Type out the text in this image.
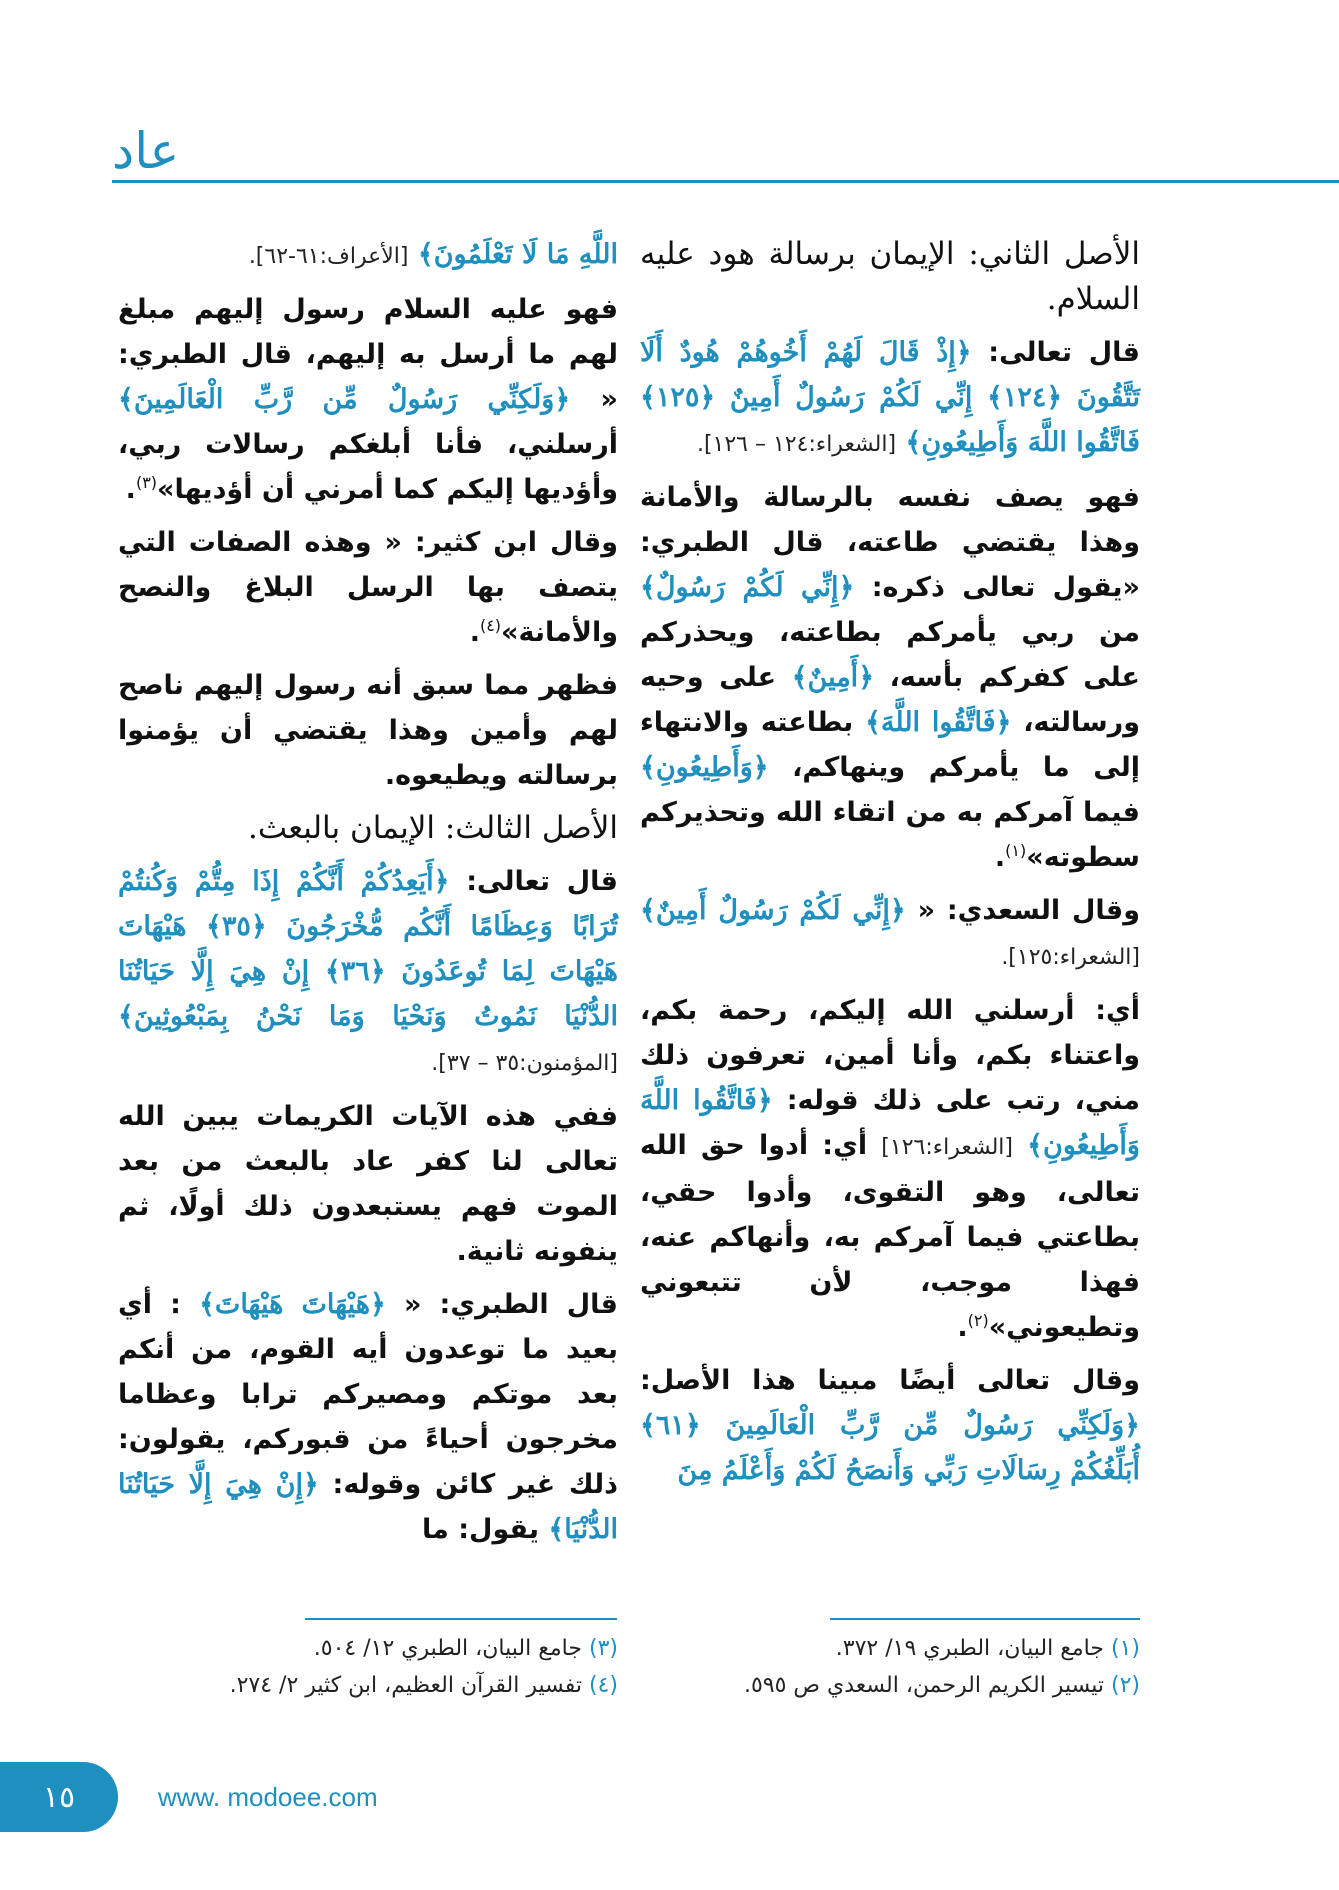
عاد

الأصل الثاني: الإيمان برسالة هود عليه السلام.

قال تعالى: ﴿إِذْ قَالَ لَهُمْ أَخُوهُمْ هُودٌ أَلَا تَتَّقُونَ ﴿١٢٤﴾ إِنِّي لَكُمْ رَسُولٌ أَمِينٌ ﴿١٢٥﴾ فَاتَّقُوا اللَّهَ وَأَطِيعُونِ﴾ [الشعراء:١٢٤ – ١٢٦].

فهو يصف نفسه بالرسالة والأمانة وهذا يقتضي طاعته، قال الطبري: «يقول تعالى ذكره: ﴿إِنِّي لَكُمْ رَسُولٌ﴾ من ربي يأمركم بطاعته، ويحذركم على كفركم بأسه، ﴿أَمِينٌ﴾ على وحيه ورسالته، ﴿فَاتَّقُوا اللَّهَ﴾ بطاعته والانتهاء إلى ما يأمركم وينهاكم، ﴿وَأَطِيعُونِ﴾ فيما آمركم به من اتقاء الله وتحذيركم سطوته»$^{(١)}$.

وقال السعدي: « ﴿إِنِّي لَكُمْ رَسُولٌ أَمِينٌ﴾ [الشعراء:١٢٥].

أي: أرسلني الله إليكم، رحمة بكم، واعتناء بكم، وأنا أمين، تعرفون ذلك مني، رتب على ذلك قوله: ﴿فَاتَّقُوا اللَّهَ وَأَطِيعُونِ﴾ [الشعراء:١٢٦] أي: أدوا حق الله تعالى، وهو التقوى، وأدوا حقي، بطاعتي فيما آمركم به، وأنهاكم عنه، فهذا موجب، لأن تتبعوني وتطيعوني»$^{(٢)}$.

وقال تعالى أيضًا مبينا هذا الأصل: ﴿وَلَكِنِّي رَسُولٌ مِّن رَّبِّ الْعَالَمِينَ ﴿٦١﴾ أُبَلِّغُكُمْ رِسَالَاتِ رَبِّي وَأَنصَحُ لَكُمْ وَأَعْلَمُ مِنَ

اللَّهِ مَا لَا تَعْلَمُونَ﴾ [الأعراف:٦١-٦٢].

فهو عليه السلام رسول إليهم مبلغ لهم ما أرسل به إليهم، قال الطبري: « ﴿وَلَكِنِّي رَسُولٌ مِّن رَّبِّ الْعَالَمِينَ﴾ أرسلني، فأنا أبلغكم رسالات ربي، وأؤديها إليكم كما أمرني أن أؤديها»$^{(٣)}$.

وقال ابن كثير: « وهذه الصفات التي يتصف بها الرسل البلاغ والنصح والأمانة»$^{(٤)}$.

فظهر مما سبق أنه رسول إليهم ناصح لهم وأمين وهذا يقتضي أن يؤمنوا برسالته ويطيعوه.

الأصل الثالث: الإيمان بالبعث.

قال تعالى: ﴿أَيَعِدُكُمْ أَنَّكُمْ إِذَا مِتُّمْ وَكُنتُمْ تُرَابًا وَعِظَامًا أَنَّكُم مُّخْرَجُونَ ﴿٣٥﴾ هَيْهَاتَ هَيْهَاتَ لِمَا تُوعَدُونَ ﴿٣٦﴾ إِنْ هِيَ إِلَّا حَيَاتُنَا الدُّنْيَا نَمُوتُ وَنَحْيَا وَمَا نَحْنُ بِمَبْعُوثِينَ﴾ [المؤمنون:٣٥ – ٣٧].

ففي هذه الآيات الكريمات يبين الله تعالى لنا كفر عاد بالبعث من بعد الموت فهم يستبعدون ذلك أولًا، ثم ينفونه ثانية.

قال الطبري: « ﴿هَيْهَاتَ هَيْهَاتَ﴾ : أي بعيد ما توعدون أيه القوم، من أنكم بعد موتكم ومصيركم ترابا وعظاما مخرجون أحياءً من قبوركم، يقولون: ذلك غير كائن وقوله: ﴿إِنْ هِيَ إِلَّا حَيَاتُنَا الدُّنْيَا﴾ يقول: ما

(١) جامع البيان، الطبري ١٩/ ٣٧٢.
(٢) تيسير الكريم الرحمن، السعدي ص ٥٩٥.
(٣) جامع البيان، الطبري ١٢/ ٥٠٤.
(٤) تفسير القرآن العظيم، ابن كثير ٢/ ٢٧٤.
١٥	www. modoee.com
